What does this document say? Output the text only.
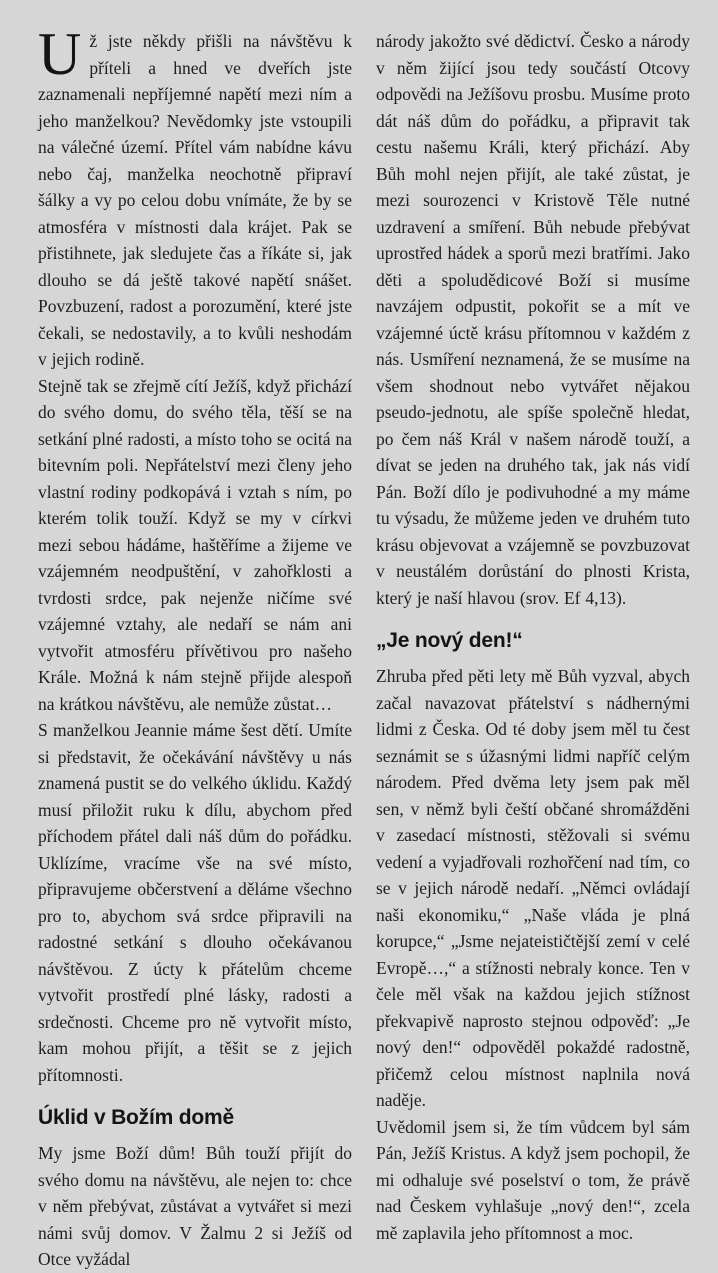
Už jste někdy přišli na návštěvu k příteli a hned ve dveřích jste zaznamenali nepříjemné napětí mezi ním a jeho manželkou? Nevědomky jste vstoupili na válečné území. Přítel vám nabídne kávu nebo čaj, manželka neochotně připraví šálky a vy po celou dobu vnímáte, že by se atmosféra v místnosti dala krájet. Pak se přistihnete, jak sledujete čas a říkáte si, jak dlouho se dá ještě takové napětí snášet. Povzbuzení, radost a porozumění, které jste čekali, se nedostavily, a to kvůli neshodám v jejich rodině.

Stejně tak se zřejmě cítí Ježíš, když přichází do svého domu, do svého těla, těší se na setkání plné radosti, a místo toho se ocitá na bitevním poli. Nepřátelství mezi členy jeho vlastní rodiny podkopává i vztah s ním, po kterém tolik touží. Když se my v církvi mezi sebou hádáme, haštěříme a žijeme ve vzájemném neodpuštění, v zahořklosti a tvrdosti srdce, pak nejenže ničíme své vzájemné vztahy, ale nedaří se nám ani vytvořit atmosféru přívětivou pro našeho Krále. Možná k nám stejně přijde alespoň na krátkou návštěvu, ale nemůže zůstat…

S manželkou Jeannie máme šest dětí. Umíte si představit, že očekávání návštěvy u nás znamená pustit se do velkého úklidu. Každý musí přiložit ruku k dílu, abychom před příchodem přátel dali náš dům do pořádku. Uklízíme, vracíme vše na své místo, připravujeme občerstvení a děláme všechno pro to, abychom svá srdce připravili na radostné setkání s dlouho očekávanou návštěvou. Z úcty k přátelům chceme vytvořit prostředí plné lásky, radosti a srdečnosti. Chceme pro ně vytvořit místo, kam mohou přijít, a těšit se z jejich přítomnosti.

Úklid v Božím domě

My jsme Boží dům! Bůh touží přijít do svého domu na návštěvu, ale nejen to: chce v něm přebývat, zůstávat a vytvářet si mezi námi svůj domov. V Žalmu 2 si Ježíš od Otce vyžádal

národy jakožto své dědictví. Česko a národy v něm žijící jsou tedy součástí Otcovy odpovědi na Ježíšovu prosbu. Musíme proto dát náš dům do pořádku, a připravit tak cestu našemu Králi, který přichází. Aby Bůh mohl nejen přijít, ale také zůstat, je mezi sourozenci v Kristově Těle nutné uzdravení a smíření. Bůh nebude přebývat uprostřed hádek a sporů mezi bratřími. Jako děti a spoludědicové Boží si musíme navzájem odpustit, pokořit se a mít ve vzájemné úctě krásu přítomnou v každém z nás. Usmíření neznamená, že se musíme na všem shodnout nebo vytvářet nějakou pseudo-jednotu, ale spíše společně hledat, po čem náš Král v našem národě touží, a dívat se jeden na druhého tak, jak nás vidí Pán. Boží dílo je podivuhodné a my máme tu výsadu, že můžeme jeden ve druhém tuto krásu objevovat a vzájemně se povzbuzovat v neustálém dorůstání do plnosti Krista, který je naší hlavou (srov. Ef 4,13).

„Je nový den!“

Zhruba před pěti lety mě Bůh vyzval, abych začal navazovat přátelství s nádhernými lidmi z Česka. Od té doby jsem měl tu čest seznámit se s úžasnými lidmi napříč celým národem. Před dvěma lety jsem pak měl sen, v němž byli čeští občané shromážděni v zasedací místnosti, stěžovali si svému vedení a vyjadřovali rozhořčení nad tím, co se v jejich národě nedaří. „Němci ovládají naši ekonomiku,“ „Naše vláda je plná korupce,“ „Jsme nejateističtější zemí v celé Evropě…,“ a stížnosti nebraly konce. Ten v čele měl však na každou jejich stížnost překvapivě naprosto stejnou odpověď: „Je nový den!“ odpověděl pokaždé radostně, přičemž celou místnost naplnila nová naděje.

Uvědomil jsem si, že tím vůdcem byl sám Pán, Ježíš Kristus. A když jsem pochopil, že mi odhaluje své poselství o tom, že právě nad Českem vyhlašuje „nový den!“, zcela mě zaplavila jeho přítomnost a moc.
